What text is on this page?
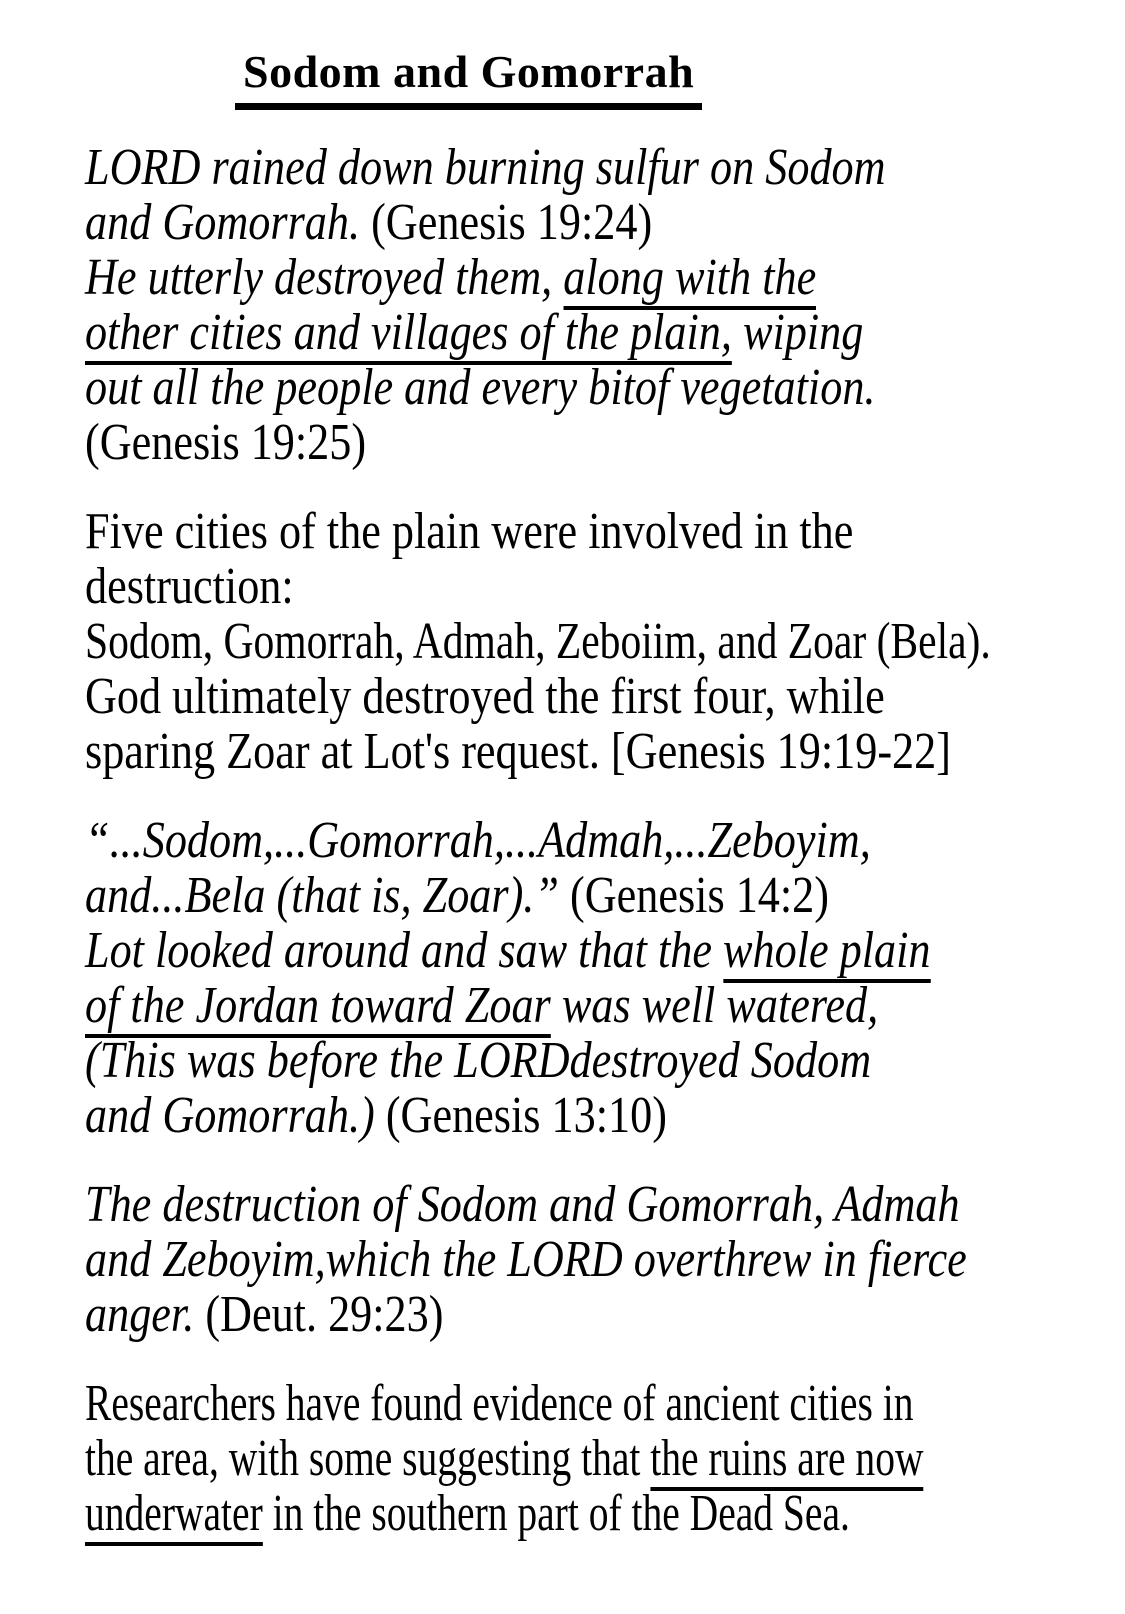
Sodom and Gomorrah
LORD rained down burning sulfur on Sodom
and Gomorrah. (Genesis 19:24)
He utterly destroyed them, along with the
other cities and villages of the plain, wiping
out all the people and every bitof vegetation.
(Genesis 19:25)
Five cities of the plain were involved in the
destruction:
Sodom, Gomorrah, Admah, Zeboiim, and Zoar (Bela).
God ultimately destroyed the first four, while
sparing Zoar at Lot's request. [Genesis 19:19-22]
“...Sodom,...Gomorrah,...Admah,...Zeboyim,
and...Bela (that is, Zoar).” (Genesis 14:2)
Lot looked around and saw that the whole plain
of the Jordan toward Zoar was well watered,
(This was before the LORDdestroyed Sodom
and Gomorrah.) (Genesis 13:10)
The destruction of Sodom and Gomorrah, Admah
and Zeboyim,which the LORD overthrew in fierce
anger. (Deut. 29:23)
Researchers have found evidence of ancient cities in
the area, with some suggesting that the ruins are now
underwater in the southern part of the Dead Sea.
